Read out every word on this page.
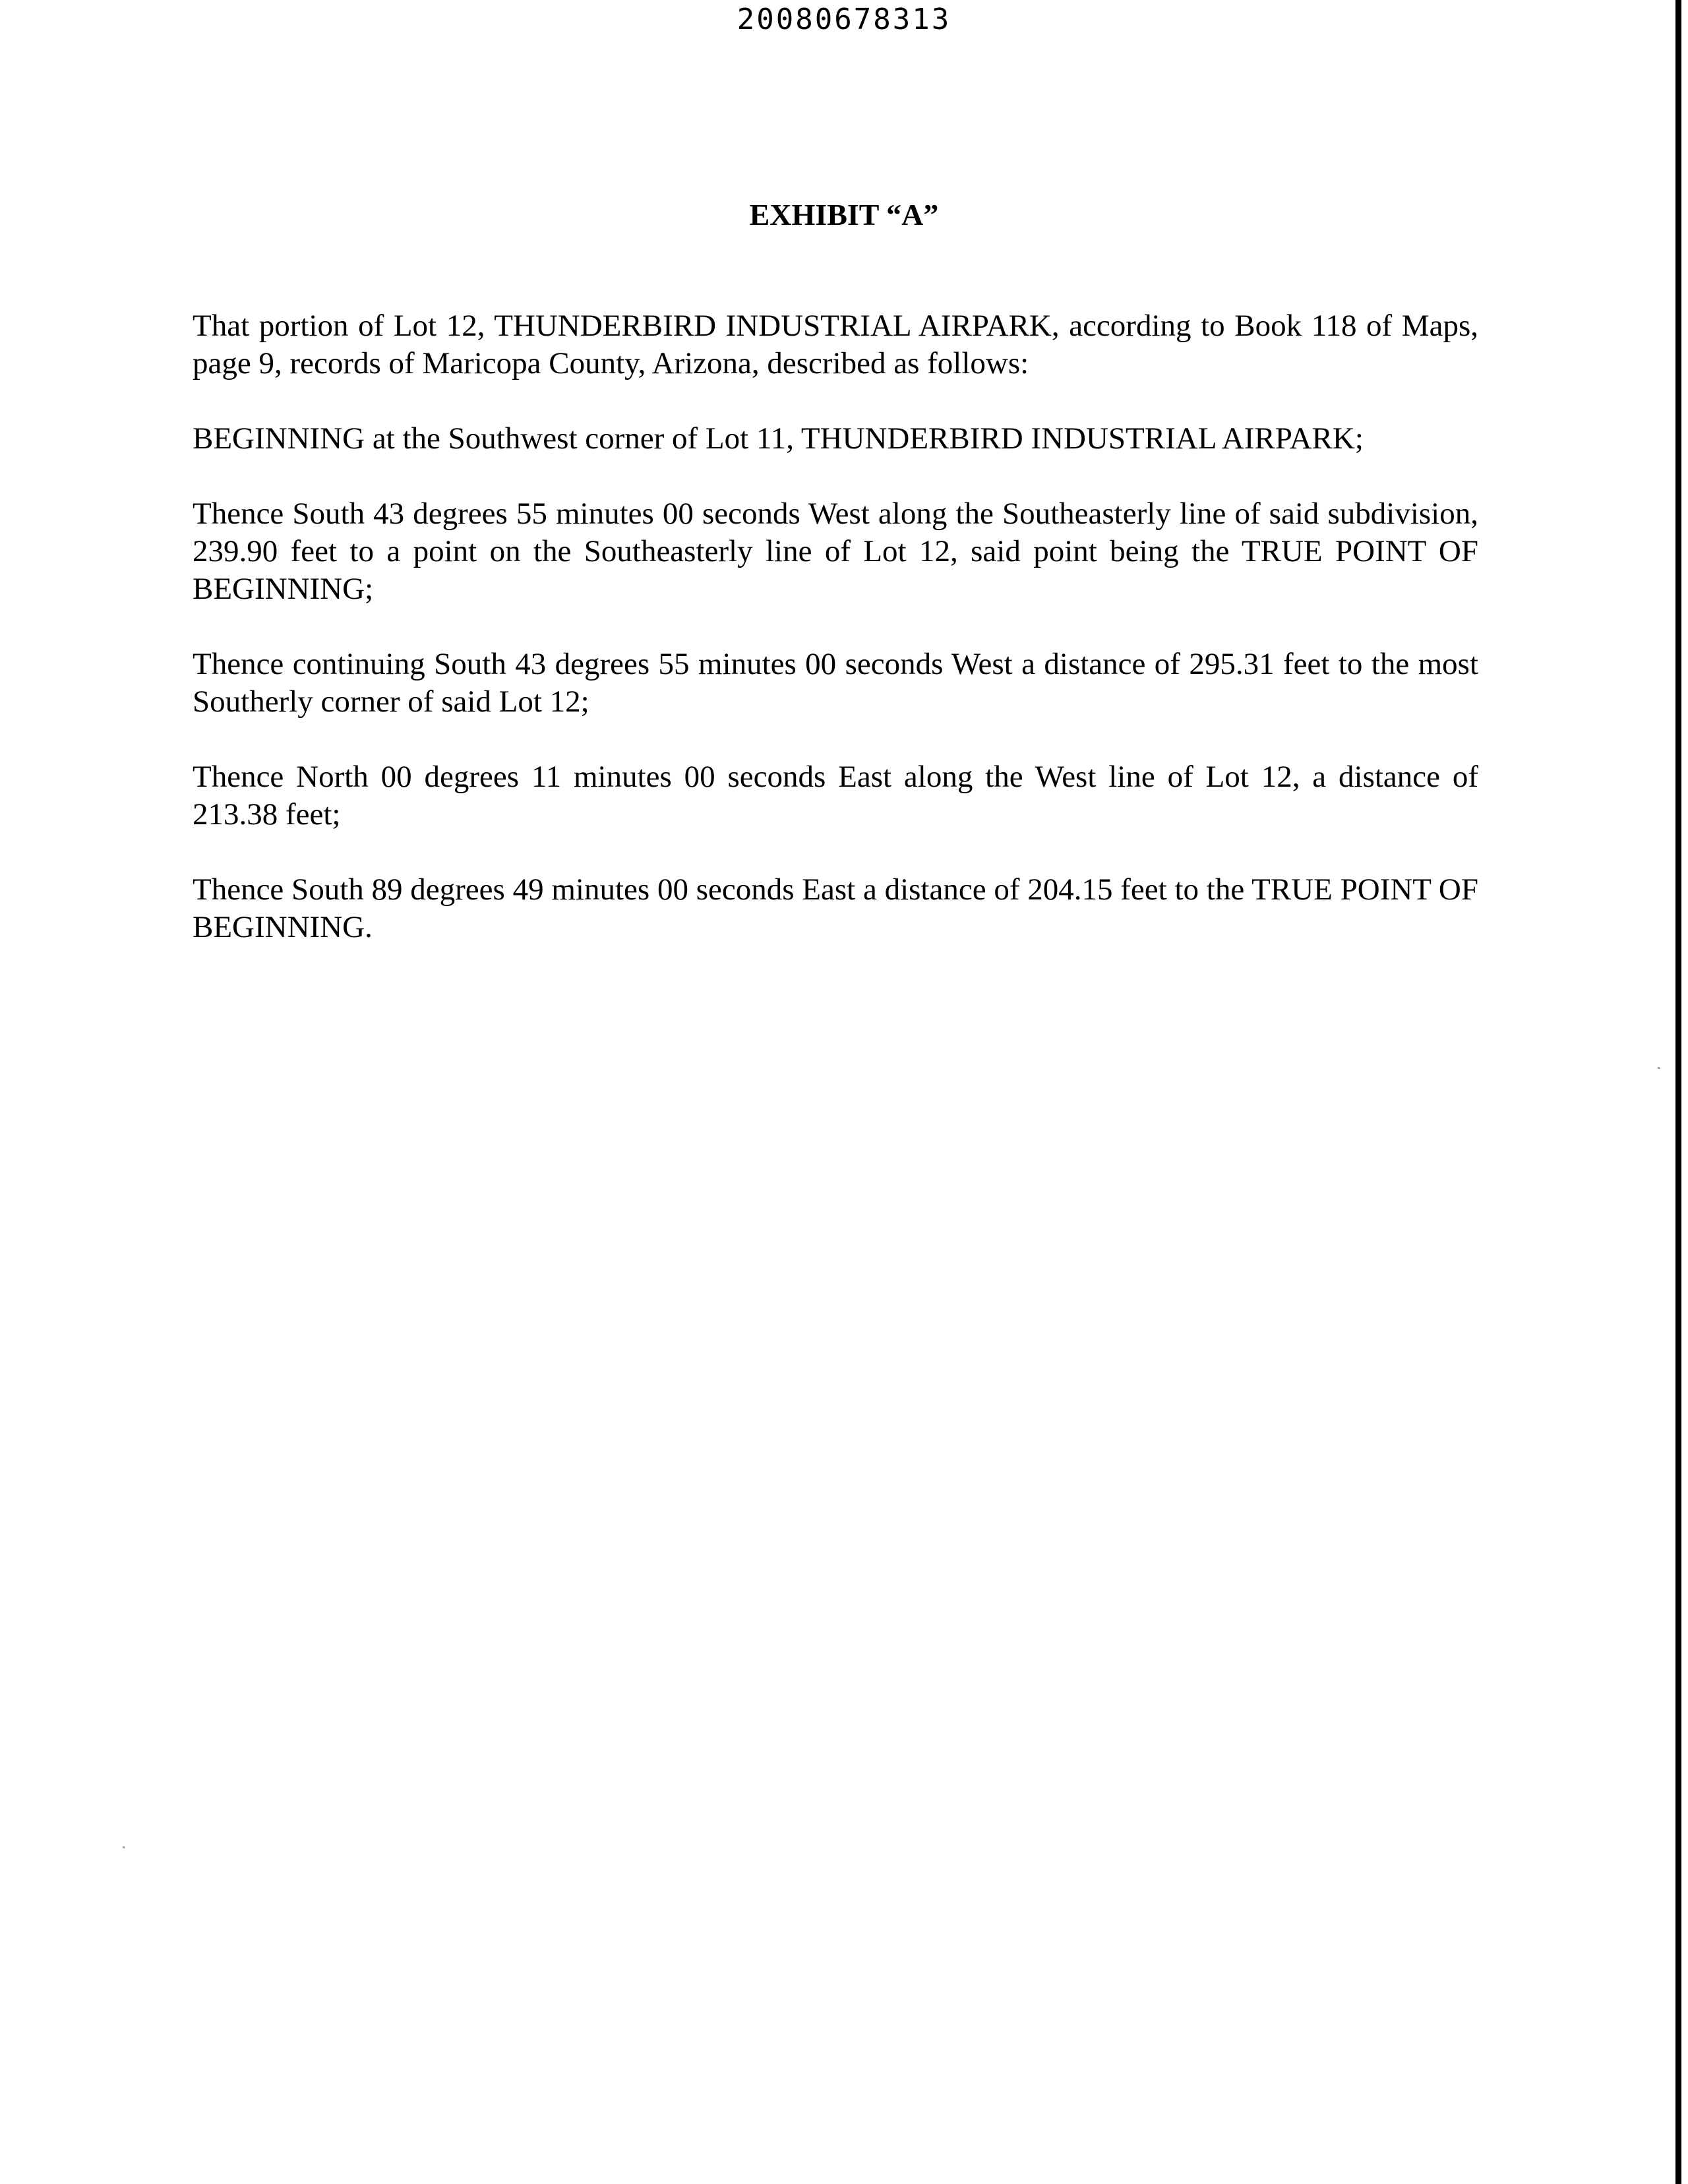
20080678313
EXHIBIT “A”

That portion of Lot 12, THUNDERBIRD INDUSTRIAL AIRPARK, according to Book 118 of Maps, page 9, records of Maricopa County, Arizona, described as follows:

BEGINNING at the Southwest corner of Lot 11, THUNDERBIRD INDUSTRIAL AIRPARK;

Thence South 43 degrees 55 minutes 00 seconds West along the Southeasterly line of said subdivision, 239.90 feet to a point on the Southeasterly line of Lot 12, said point being the TRUE POINT OF BEGINNING;

Thence continuing South 43 degrees 55 minutes 00 seconds West a distance of 295.31 feet to the most Southerly corner of said Lot 12;

Thence North 00 degrees 11 minutes 00 seconds East along the West line of Lot 12, a distance of 213.38 feet;

Thence South 89 degrees 49 minutes 00 seconds East a distance of 204.15 feet to the TRUE POINT OF BEGINNING.
